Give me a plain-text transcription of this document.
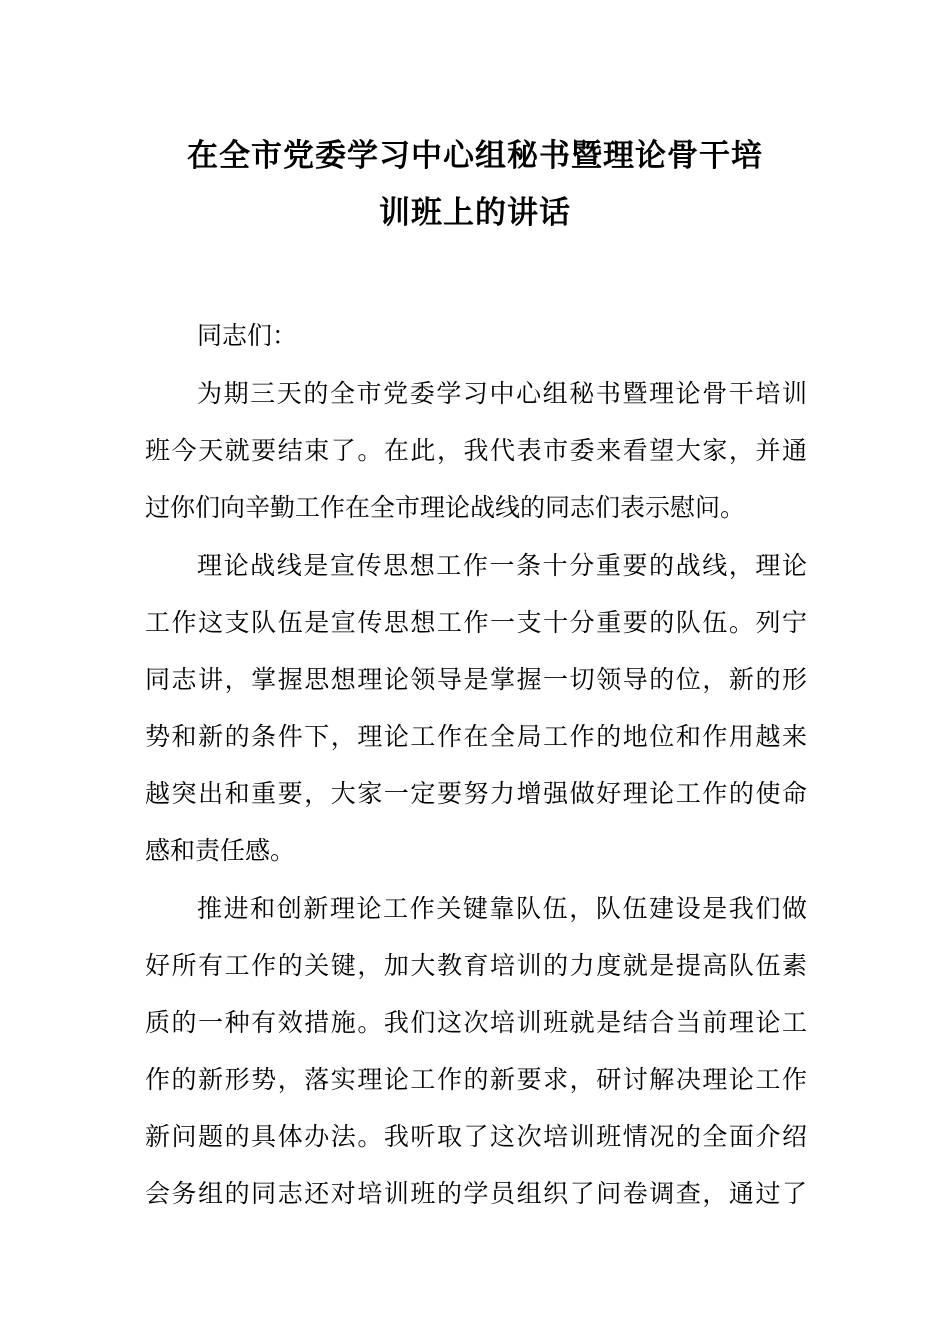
在全市党委学习中心组秘书暨理论骨干培
训班上的讲话
同志们：
为期三天的全市党委学习中心组秘书暨理论骨干培训
班今天就要结束了。在此，我代表市委来看望大家，并通
过你们向辛勤工作在全市理论战线的同志们表示慰问。
理论战线是宣传思想工作一条十分重要的战线，理论
工作这支队伍是宣传思想工作一支十分重要的队伍。列宁
同志讲，掌握思想理论领导是掌握一切领导的位，新的形
势和新的条件下，理论工作在全局工作的地位和作用越来
越突出和重要，大家一定要努力增强做好理论工作的使命
感和责任感。
推进和创新理论工作关键靠队伍，队伍建设是我们做
好所有工作的关键，加大教育培训的力度就是提高队伍素
质的一种有效措施。我们这次培训班就是结合当前理论工
作的新形势，落实理论工作的新要求，研讨解决理论工作
新问题的具体办法。我听取了这次培训班情况的全面介绍
会务组的同志还对培训班的学员组织了问卷调查，通过了
